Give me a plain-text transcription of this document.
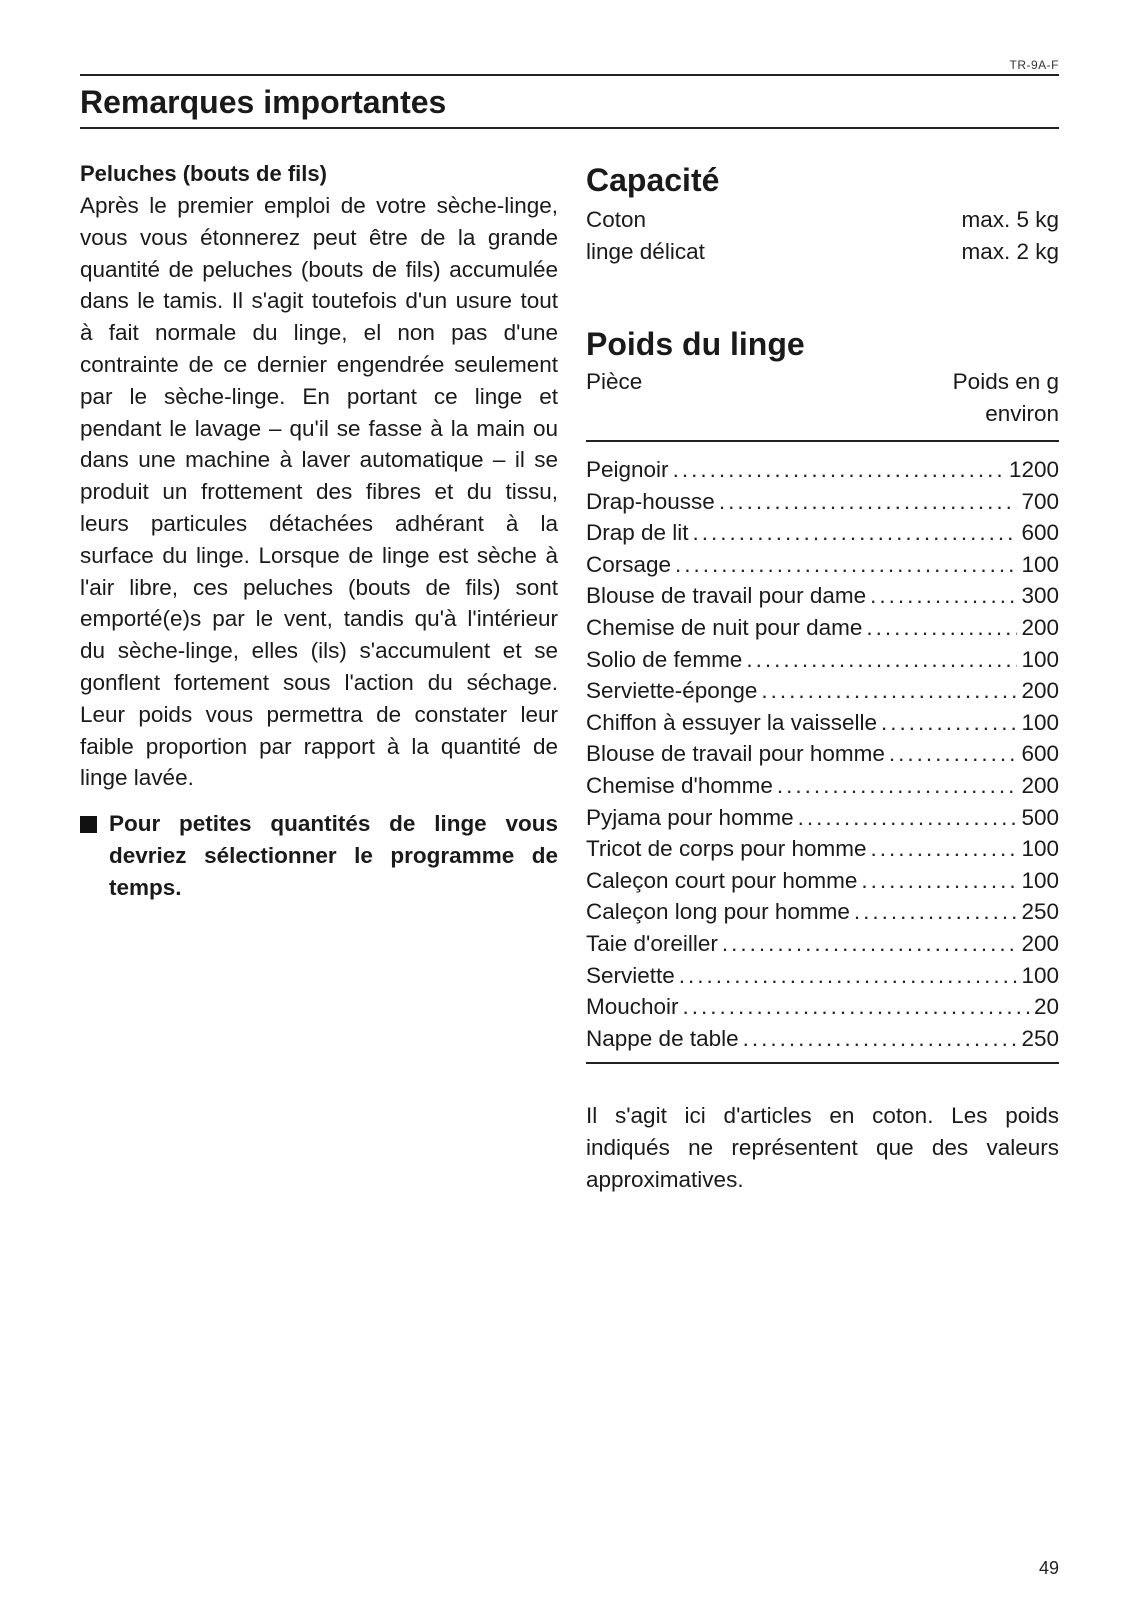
TR-9A-F
Remarques importantes
Peluches (bouts de fils)

Après le premier emploi de votre sèche-linge, vous vous étonnerez peut être de la grande quantité de peluches (bouts de fils) accumulée dans le tamis. Il s'agit toutefois d'un usure tout à fait normale du linge, el non pas d'une contrainte de ce dernier engendrée seulement par le sèche-linge. En portant ce linge et pendant le lavage – qu'il se fasse à la main ou dans une machine à laver automatique – il se produit un frottement des fibres et du tissu, leurs particules détachées adhérant à la surface du linge. Lorsque de linge est sèche à l'air libre, ces peluches (bouts de fils) sont emporté(e)s par le vent, tandis qu'à l'intérieur du sèche-linge, elles (ils) s'accumulent et se gonflent fortement sous l'action du séchage. Leur poids vous permettra de constater leur faible proportion par rapport à la quantité de linge lavée.

Pour petites quantités de linge vous devriez sélectionner le programme de temps.
Capacité
Coton	max. 5 kg
linge délicat	max. 2 kg
Poids du linge
Pièce	Poids en g
environ
Peignoir .....	1200
Drap-housse .....	700
Drap de lit .....	600
Corsage .....	100
Blouse de travail pour dame .....	300
Chemise de nuit pour dame .....	200
Solio de femme .....	100
Serviette-éponge .....	200
Chiffon à essuyer la vaisselle .....	100
Blouse de travail pour homme .....	600
Chemise d'homme .....	200
Pyjama pour homme .....	500
Tricot de corps pour homme .....	100
Caleçon court pour homme .....	100
Caleçon long pour homme .....	250
Taie d'oreiller .....	200
Serviette .....	100
Mouchoir .....	20
Nappe de table .....	250

Il s'agit ici d'articles en coton. Les poids indiqués ne représentent que des valeurs approximatives.

49
